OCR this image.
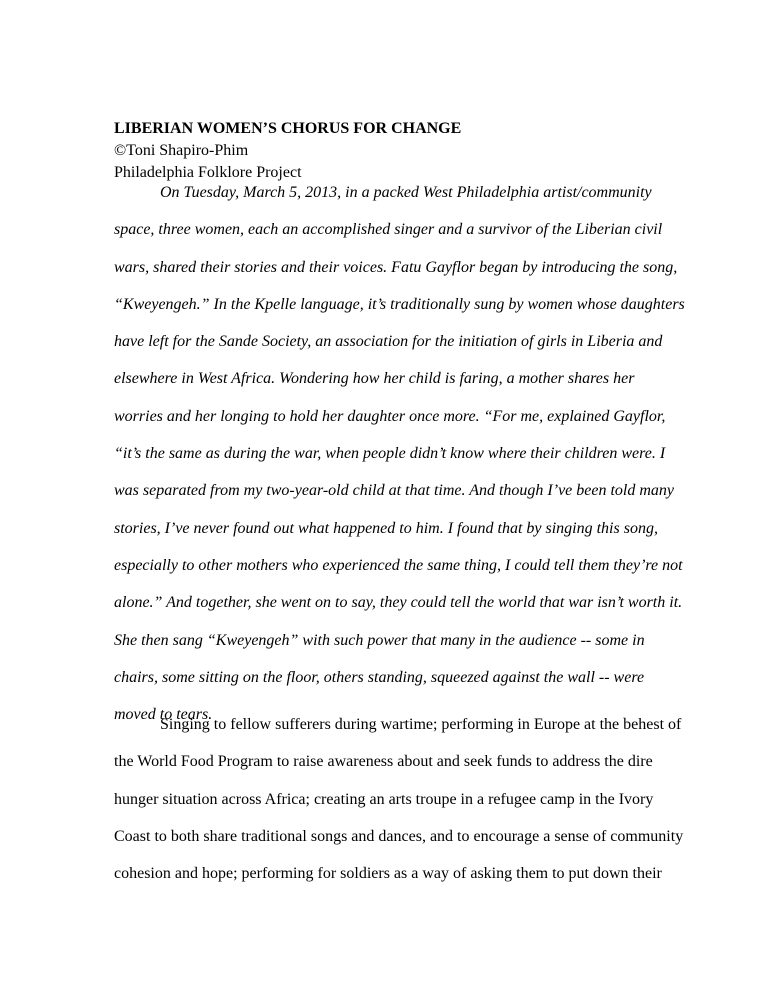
LIBERIAN WOMEN’S CHORUS FOR CHANGE
©Toni Shapiro-Phim
Philadelphia Folklore Project

On Tuesday, March 5, 2013, in a packed West Philadelphia artist/community
space, three women, each an accomplished singer and a survivor of the Liberian civil
wars, shared their stories and their voices. Fatu Gayflor began by introducing the song,
“Kweyengeh.” In the Kpelle language, it’s traditionally sung by women whose daughters
have left for the Sande Society, an association for the initiation of girls in Liberia and
elsewhere in West Africa. Wondering how her child is faring, a mother shares her
worries and her longing to hold her daughter once more. “For me, explained Gayflor,
“it’s the same as during the war, when people didn’t know where their children were. I
was separated from my two-year-old child at that time. And though I’ve been told many
stories, I’ve never found out what happened to him. I found that by singing this song,
especially to other mothers who experienced the same thing, I could tell them they’re not
alone.” And together, she went on to say, they could tell the world that war isn’t worth it.
She then sang “Kweyengeh” with such power that many in the audience -- some in
chairs, some sitting on the floor, others standing, squeezed against the wall -- were
moved to tears.

Singing to fellow sufferers during wartime; performing in Europe at the behest of
the World Food Program to raise awareness about and seek funds to address the dire
hunger situation across Africa; creating an arts troupe in a refugee camp in the Ivory
Coast to both share traditional songs and dances, and to encourage a sense of community
cohesion and hope; performing for soldiers as a way of asking them to put down their
